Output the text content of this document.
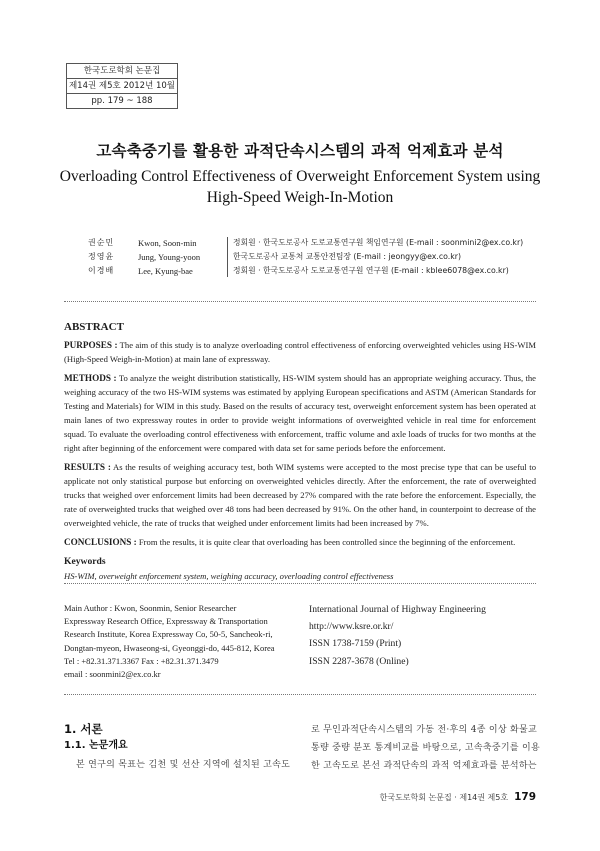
한국도로학회 논문집
제14권 제5호 2012년 10월
pp. 179 ~ 188
고속축중기를 활용한 과적단속시스템의 과적 억제효과 분석
Overloading Control Effectiveness of Overweight Enforcement System using
High-Speed Weigh-In-Motion
권순민	Kwon, Soon-min	정회원 · 한국도로공사 도로교통연구원 책임연구원 (E-mail : soonmini2@ex.co.kr)
정영윤	Jung, Young-yoon	한국도로공사 교통처 교통안전팀장 (E-mail : jeongyy@ex.co.kr)
이경배	Lee, Kyung-bae	정회원 · 한국도로공사 도로교통연구원 연구원 (E-mail : kblee6078@ex.co.kr)
ABSTRACT

PURPOSES : The aim of this study is to analyze overloading control effectiveness of enforcing overweighted vehicles using HS-WIM (High-Speed Weigh-in-Motion) at main lane of expressway.

METHODS : To analyze the weight distribution statistically, HS-WIM system should has an appropriate weighing accuracy. Thus, the weighing accuracy of the two HS-WIM systems was estimated by applying European specifications and ASTM (American Standards for Testing and Materials) for WIM in this study. Based on the results of accuracy test, overweight enforcement system has been operated at main lanes of two expressway routes in order to provide weight informations of overweighted vehicle in real time for enforcement squad. To evaluate the overloading control effectiveness with enforcement, traffic volume and axle loads of trucks for two months at the right after beginning of the enforcement were compared with data set for same periods before the enforcement.

RESULTS : As the results of weighing accuracy test, both WIM systems were accepted to the most precise type that can be useful to applicate not only statistical purpose but enforcing on overweighted vehicles directly. After the enforcement, the rate of overweighted trucks that weighed over enforcement limits had been decreased by 27% compared with the rate before the enforcement. Especially, the rate of overweighted trucks that weighed over 48 tons had been decreased by 91%. On the other hand, in counterpoint to decrease of the overweighted vehicle, the rate of trucks that weighed under enforcement limits had been increased by 7%.

CONCLUSIONS : From the results, it is quite clear that overloading has been controlled since the beginning of the enforcement.

Keywords
HS-WIM, overweight enforcement system, weighing accuracy, overloading control effectiveness
Main Author : Kwon, Soonmin, Senior Researcher
Expressway Research Office, Expressway & Transportation
Research Institute, Korea Expressway Co, 50-5, Sancheok-ri,
Dongtan-myeon, Hwaseong-si, Gyeonggi-do, 445-812, Korea
Tel : +82.31.371.3367 Fax : +82.31.371.3479
email : soonmini2@ex.co.kr
International Journal of Highway Engineering
http://www.ksre.or.kr/
ISSN 1738-7159 (Print)
ISSN 2287-3678 (Online)
1. 서론
1.1. 논문개요
본 연구의 목표는 김천 및 선산 지역에 설치된 고속도
로 무인과적단속시스템의 가동 전·후의 4종 이상 화물교
통량 중량 분포 통계비교를 바탕으로, 고속축중기를 이용
한 고속도로 본선 과적단속의 과적 억제효과를 분석하는
한국도로학회 논문집 · 제14권 제5호 179
